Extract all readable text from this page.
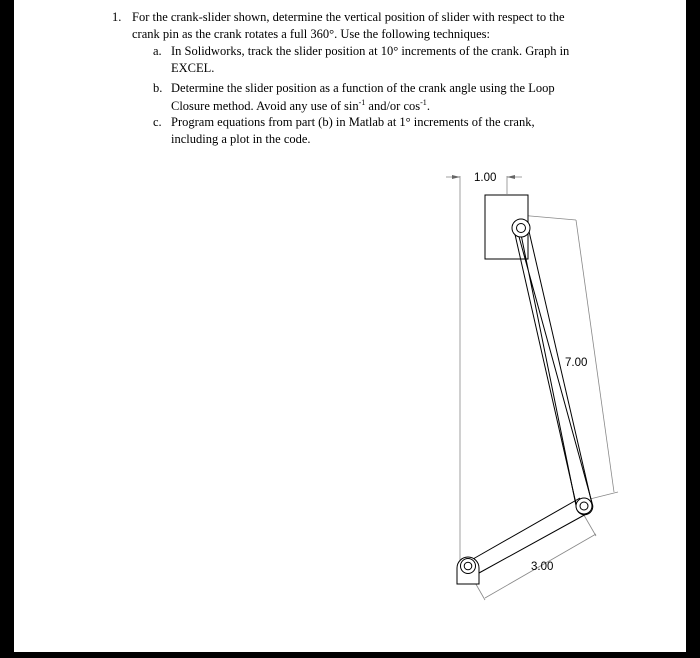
1. For the crank-slider shown, determine the vertical position of slider with respect to the
crank pin as the crank rotates a full 360°. Use the following techniques:
a. In Solidworks, track the slider position at 10° increments of the crank. Graph in
EXCEL.
b. Determine the slider position as a function of the crank angle using the Loop
Closure method. Avoid any use of $\sin^{-1} and/or$ $\cos^{-1}$.
c. Program equations from part (b) in Matlab at 1° increments of the crank,
including a plot in the code.
1.00
7.00
3.00
